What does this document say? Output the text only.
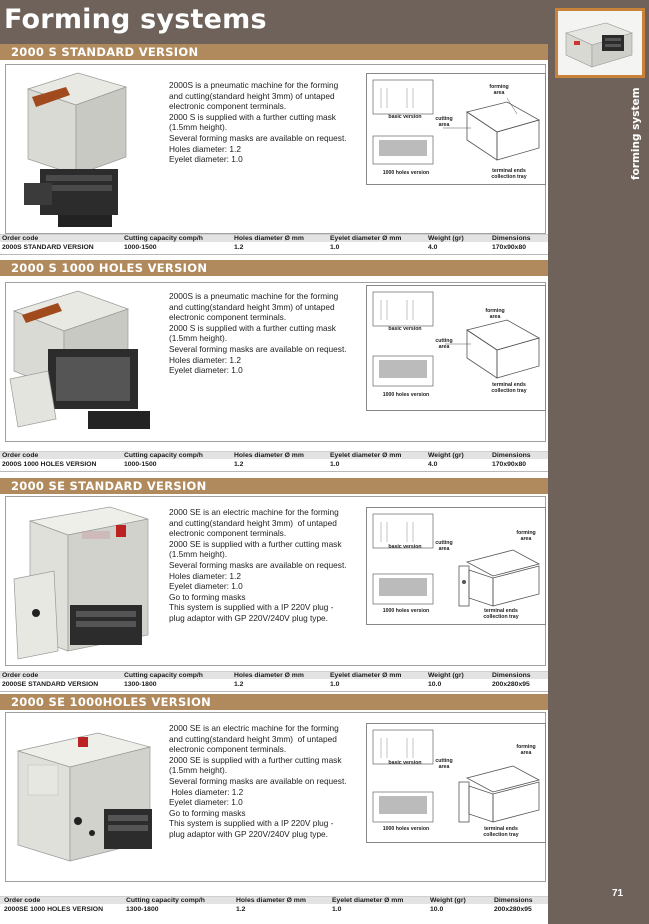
Forming systems
forming system
71
2000 S STANDARD VERSION
2000S is a pneumatic machine for the forming
and cutting(standard height 3mm) of untaped
electronic component terminals.
2000 S is supplied with a further cutting mask
(1.5mm height).
Several forming masks are available on request.
Holes diameter: 1.2
Eyelet diameter: 1.0
basic version
1000 holes version
forming
area
cutting
area
terminal ends
collection tray
2000 S 1000 HOLES VERSION
2000S is a pneumatic machine for the forming
and cutting(standard height 3mm) of untaped
electronic component terminals.
2000 S is supplied with a further cutting mask
(1.5mm height).
Several forming masks are available on request.
Holes diameter: 1.2
Eyelet diameter: 1.0
basic version
1000 holes version
forming
area
cutting
area
terminal ends
collection tray
2000 SE STANDARD VERSION
2000 SE is an electric machine for the forming
and cutting(standard height 3mm)  of untaped
electronic component terminals.
2000 SE is supplied with a further cutting mask
(1.5mm height).
Several forming masks are available on request.
Holes diameter: 1.2
Eyelet diameter: 1.0
Go to forming masks
This system is supplied with a IP 220V plug -
plug adaptor with GP 220V/240V plug type.
basic version
1000 holes version
forming
area
cutting
area
terminal ends
collection tray
2000 SE 1000HOLES VERSION
2000 SE is an electric machine for the forming
and cutting(standard height 3mm)  of untaped
electronic component terminals.
2000 SE is supplied with a further cutting mask
(1.5mm height).
Several forming masks are available on request.
Holes diameter: 1.2
Eyelet diameter: 1.0
Go to forming masks
This system is supplied with a IP 220V plug -
plug adaptor with GP 220V/240V plug type.
basic version
1000 holes version
forming
area
cutting
area
terminal ends
collection tray
Order code	Cutting capacity comp/h	Holes diameter Ø mm	Eyelet diameter Ø mm	Weight (gr)	Dimensions
2000S STANDARD VERSION	1000-1500	1.2	1.0	4.0	170x90x80
Order code	Cutting capacity comp/h	Holes diameter Ø mm	Eyelet diameter Ø mm	Weight (gr)	Dimensions
2000S 1000 HOLES VERSION	1000-1500	1.2	1.0	4.0	170x90x80
Order code	Cutting capacity comp/h	Holes diameter Ø mm	Eyelet diameter Ø mm	Weight (gr)	Dimensions
2000SE STANDARD VERSION	1300-1800	1.2	1.0	10.0	200x280x95
Order code	Cutting capacity comp/h	Holes diameter Ø mm	Eyelet diameter Ø mm	Weight (gr)	Dimensions
2000SE 1000 HOLES VERSION	1300-1800	1.2	1.0	10.0	200x280x95
